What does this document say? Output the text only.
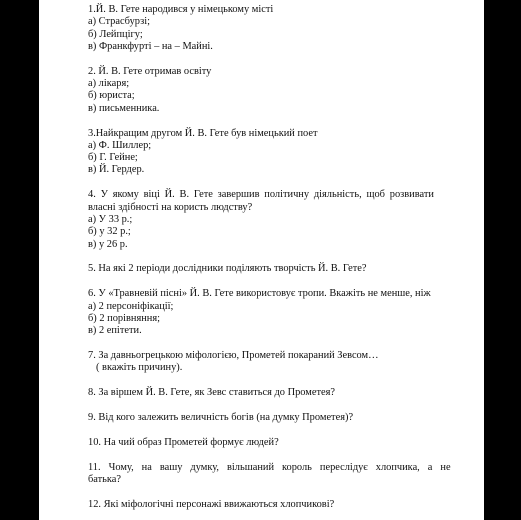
1.Й. В. Гете народився у німецькому місті
а) Страсбурзі;
б) Лейпцігу;
в) Франкфурті – на – Майні.
2. Й. В. Гете отримав освіту
а) лікаря;
б) юриста;
в) письменника.
3.Найкращим другом Й. В. Гете був німецький поет
а) Ф. Шиллер;
б) Г. Гейне;
в) Й. Гердер.
4. У якому віці Й. В. Гете завершив політичну діяльність, щоб розвивати
власні здібності на користь людству?
а) У 33 р.;
б) у 32 р.;
в) у 26 р.
5. На які 2 періоди дослідники поділяють творчість Й. В. Гете?
6. У «Травневій пісні» Й. В. Гете використовує тропи. Вкажіть не менше, ніж
а) 2 персоніфікації;
б) 2 порівняння;
в) 2 епітети.
7. За давньогрецькою міфологією, Прометей покараний Зевсом…
( вкажіть причину).
8. За віршем Й. В. Гете, як Зевс ставиться до Прометея?
9. Від кого залежить величність богів (на думку Прометея)?
10. На чий образ Прометей формує людей?
11. Чому, на вашу думку, вільшаний король переслідує хлопчика, а не
батька?
12. Які міфологічні персонажі ввижаються хлопчикові?
